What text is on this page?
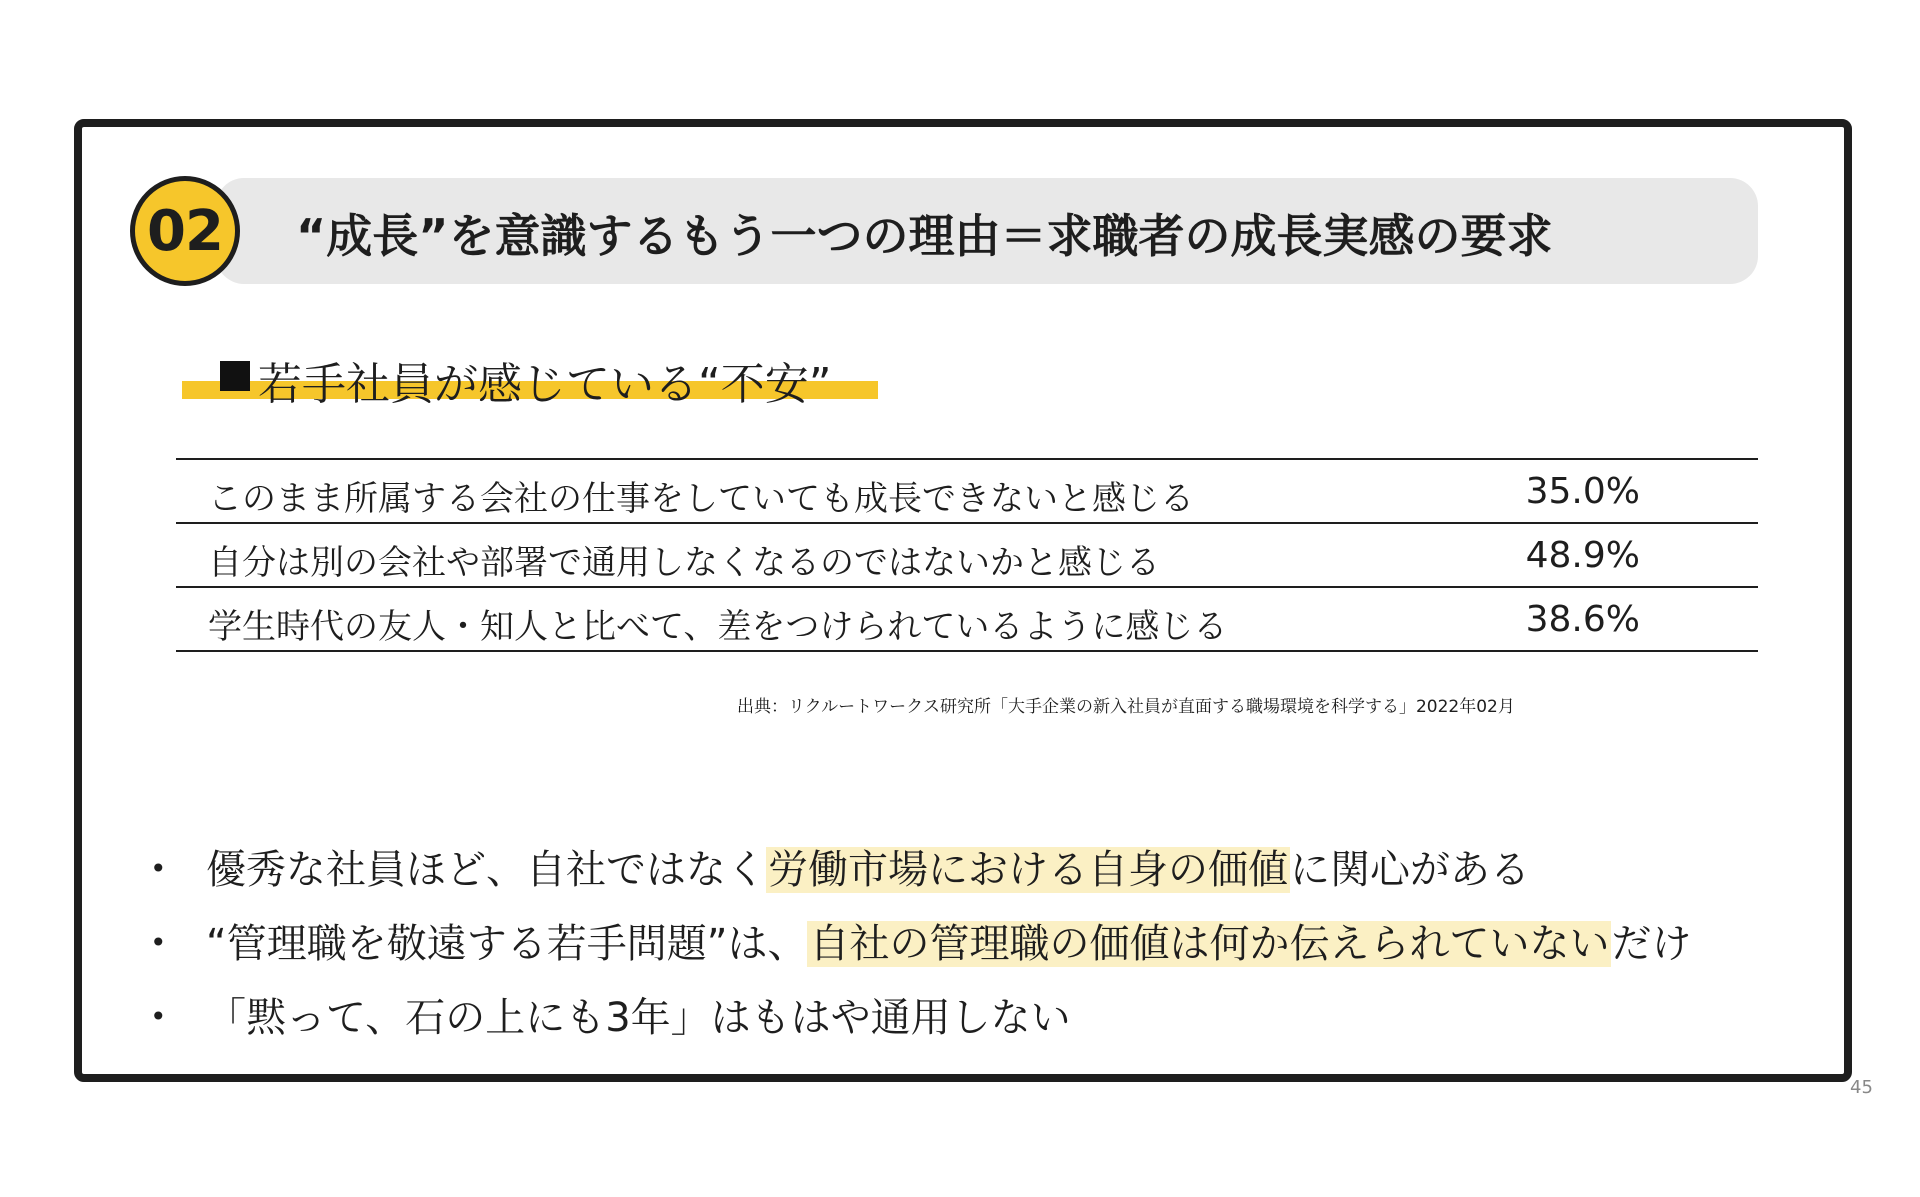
02	“成長”を意識するもう一つの理由＝求職者の成長実感の要求
若手社員が感じている“不安”
このまま所属する会社の仕事をしていても成長できないと感じる	35.0%
自分は別の会社や部署で通用しなくなるのではないかと感じる	48.9%
学生時代の友人・知人と比べて、差をつけられているように感じる	38.6%
出典：リクルートワークス研究所「大手企業の新入社員が直面する職場環境を科学する」2022年02月
• 優秀な社員ほど、自社ではなく労働市場における自身の価値に関心がある
• “管理職を敬遠する若手問題”は、自社の管理職の価値は何か伝えられていないだけ
• 「黙って、石の上にも3年」はもはや通用しない
45
